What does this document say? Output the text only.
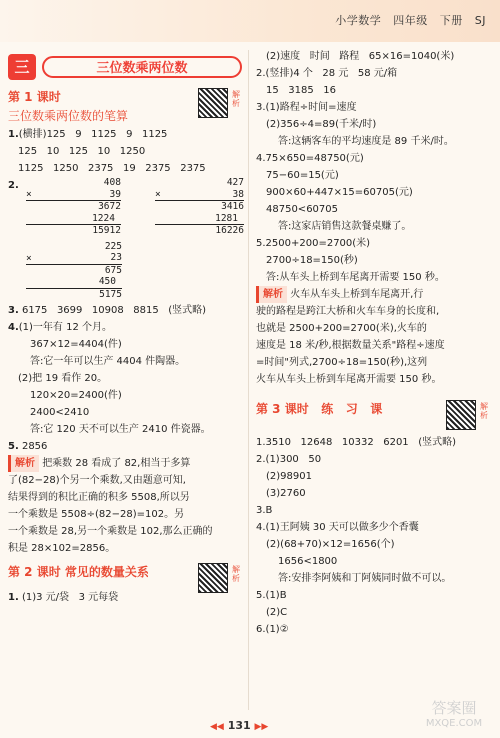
小学数学 四年级 下册 SJ
三	三位数乘两位数
第 1 课时
三位数乘两位数的笔算
解析
1.(横排)125   9   1125   9   1125
125   10   125   10   1250
1125   1250   2375   19   2375   2375
2.
×
408
39
3672
1224
15912
×
427
38
3416
1281
16226
×
225
23
675
450
5175
3. 6175   3699   10908   8815   (竖式略)
4.(1)一年有 12 个月。
367×12=4404(件)
答:它一年可以生产 4404 件陶器。
(2)把 19 看作 20。
120×20=2400(件)
2400<2410
答:它 120 天不可以生产 2410 件瓷器。
5. 2856
解析 把乘数 28 看成了 82,相当于多算
了(82−28)个另一个乘数,又由题意可知,
结果得到的积比正确的积多 5508,所以另
一个乘数是 5508÷(82−28)=102。另
一个乘数是 28,另一个乘数是 102,那么正确的
积是 28×102=2856。
第 2 课时 常见的数量关系	解析
1. (1)3 元/袋   3 元每袋
(2)速度   时间   路程   65×16=1040(米)
2.(竖排)4 个   28 元   58 元/箱
15   3185   16
3.(1)路程÷时间=速度
(2)356÷4=89(千米/时)
答:这辆客车的平均速度是 89 千米/时。
4.75×650=48750(元)
75−60=15(元)
900×60+447×15=60705(元)
48750<60705
答:这家店销售这款餐桌赚了。
5.2500+200=2700(米)
2700÷18=150(秒)
答:从车头上桥到车尾离开需要 150 秒。
解析 火车从车头上桥到车尾离开,行
驶的路程是跨江大桥和火车车身的长度和,
也就是 2500+200=2700(米),火车的
速度是 18 米/秒,根据数量关系"路程÷速度
=时间"列式,2700÷18=150(秒),这列
火车从车头上桥到车尾离开需要 150 秒。
第 3 课时   练   习   课	解析
1.3510   12648   10332   6201   (竖式略)
2.(1)300   50
(2)98901
(3)2760
3.B
4.(1)王阿姨 30 天可以做多少个香囊
(2)(68+70)×12=1656(个)
1656<1800
答:安排李阿姨和丁阿姨同时做不可以。
5.(1)B
(2)C
6.(1)②
◀◀ 131 ▶▶
答案圈
MXQE.COM
